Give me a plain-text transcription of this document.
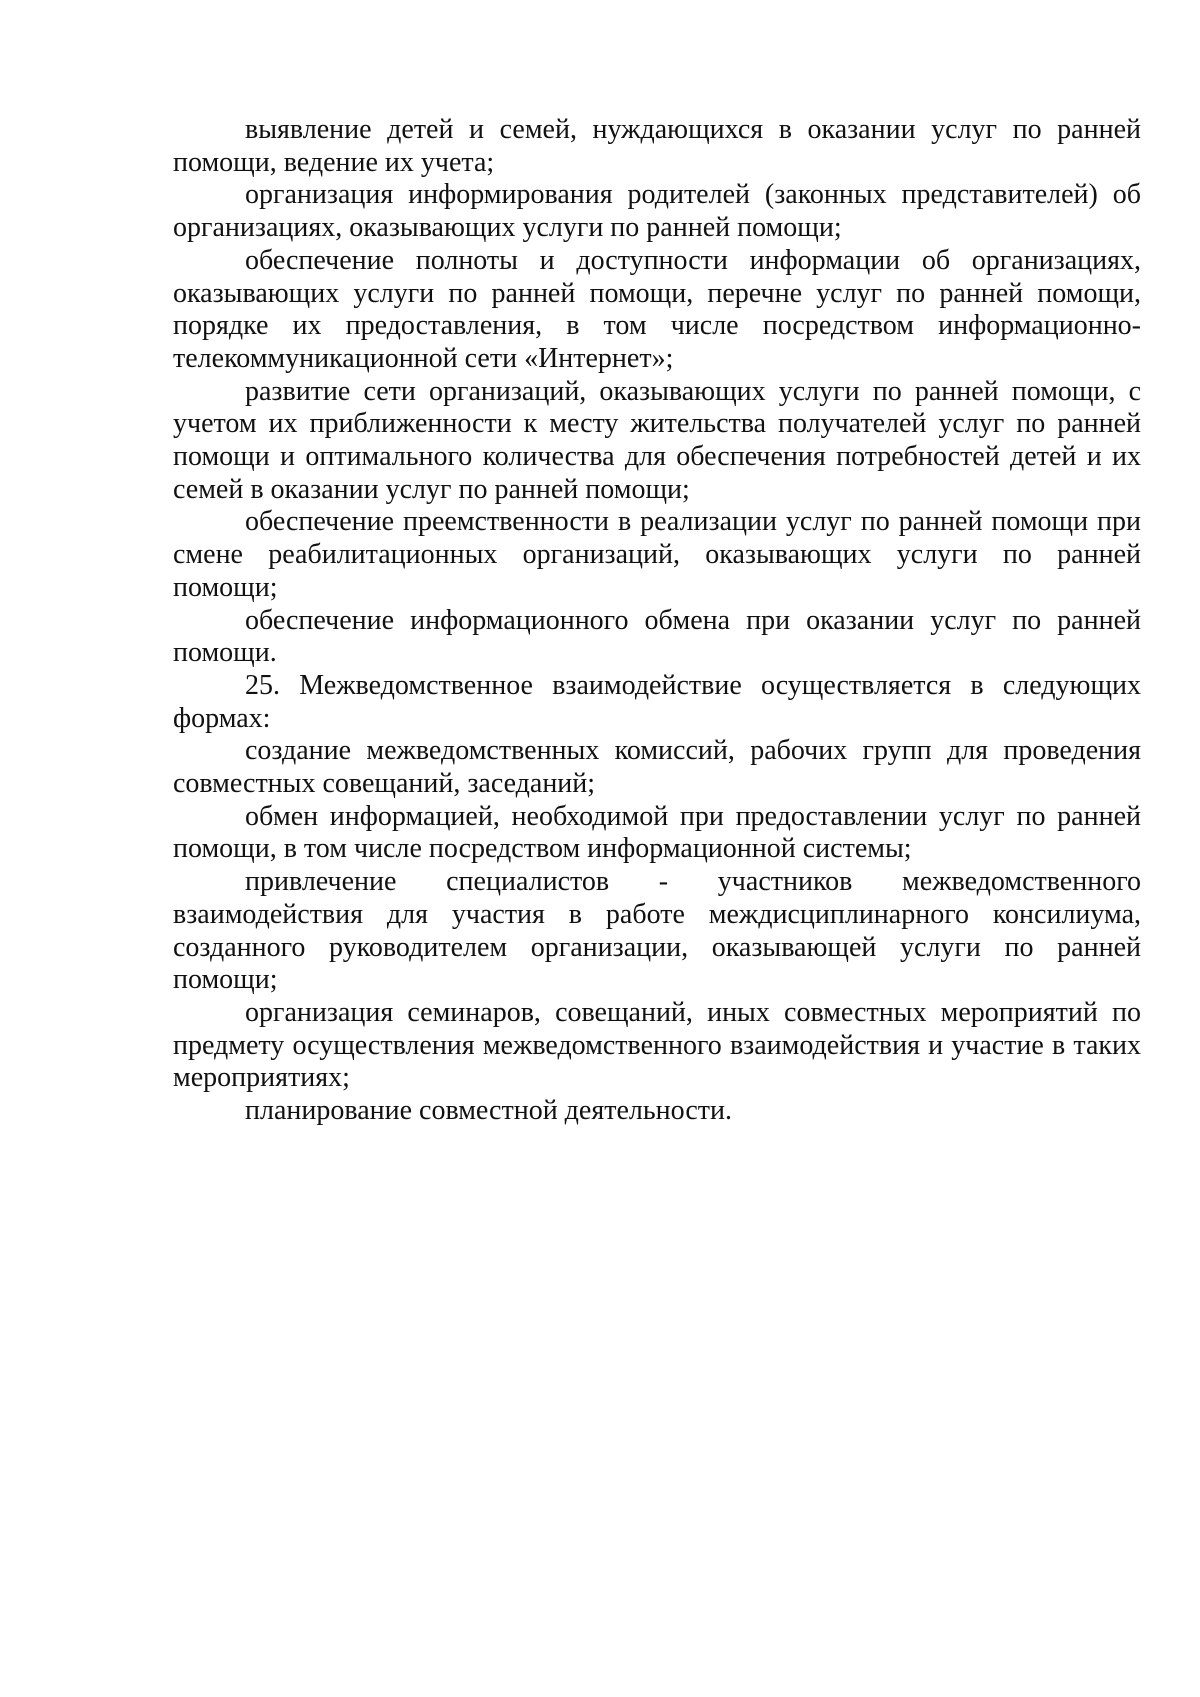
выявление детей и семей, нуждающихся в оказании услуг по ранней помощи, ведение их учета;

организация информирования родителей (законных представителей) об организациях, оказывающих услуги по ранней помощи;

обеспечение полноты и доступности информации об организациях, оказывающих услуги по ранней помощи, перечне услуг по ранней помощи, порядке их предоставления, в том числе посредством информационно-телекоммуникационной сети «Интернет»;

развитие сети организаций, оказывающих услуги по ранней помощи, с учетом их приближенности к месту жительства получателей услуг по ранней помощи и оптимального количества для обеспечения потребностей детей и их семей в оказании услуг по ранней помощи;

обеспечение преемственности в реализации услуг по ранней помощи при смене реабилитационных организаций, оказывающих услуги по ранней помощи;

обеспечение информационного обмена при оказании услуг по ранней помощи.

25. Межведомственное взаимодействие осуществляется в следующих формах:

создание межведомственных комиссий, рабочих групп для проведения совместных совещаний, заседаний;

обмен информацией, необходимой при предоставлении услуг по ранней помощи, в том числе посредством информационной системы;

привлечение специалистов - участников межведомственного взаимодействия для участия в работе междисциплинарного консилиума, созданного руководителем организации, оказывающей услуги по ранней помощи;

организация семинаров, совещаний, иных совместных мероприятий по предмету осуществления межведомственного взаимодействия и участие в таких мероприятиях;

планирование совместной деятельности.
